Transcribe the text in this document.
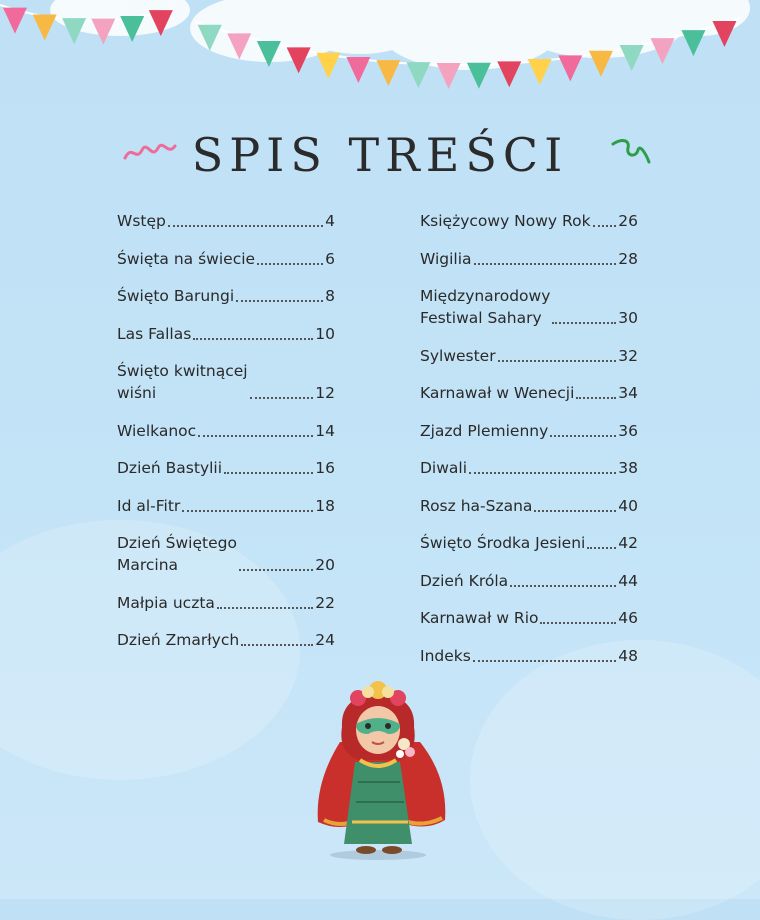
SPIS TREŚCI
Wstęp	4
Święta na świecie	6
Święto Barungi	8
Las Fallas	10
Święto kwitnącej
wiśni	12
Wielkanoc	14
Dzień Bastylii	16
Id al-Fitr	18
Dzień Świętego
Marcina	20
Małpia uczta	22
Dzień Zmarłych	24
Księżycowy Nowy Rok 26
Wigilia	28
Międzynarodowy
Festiwal Sahary	30
Sylwester	32
Karnawał w Wenecji	34
Zjazd Plemienny	36
Diwali	38
Rosz ha-Szana	40
Święto Środka Jesieni 42
Dzień Króla	44
Karnawał w Rio	46
Indeks	48
